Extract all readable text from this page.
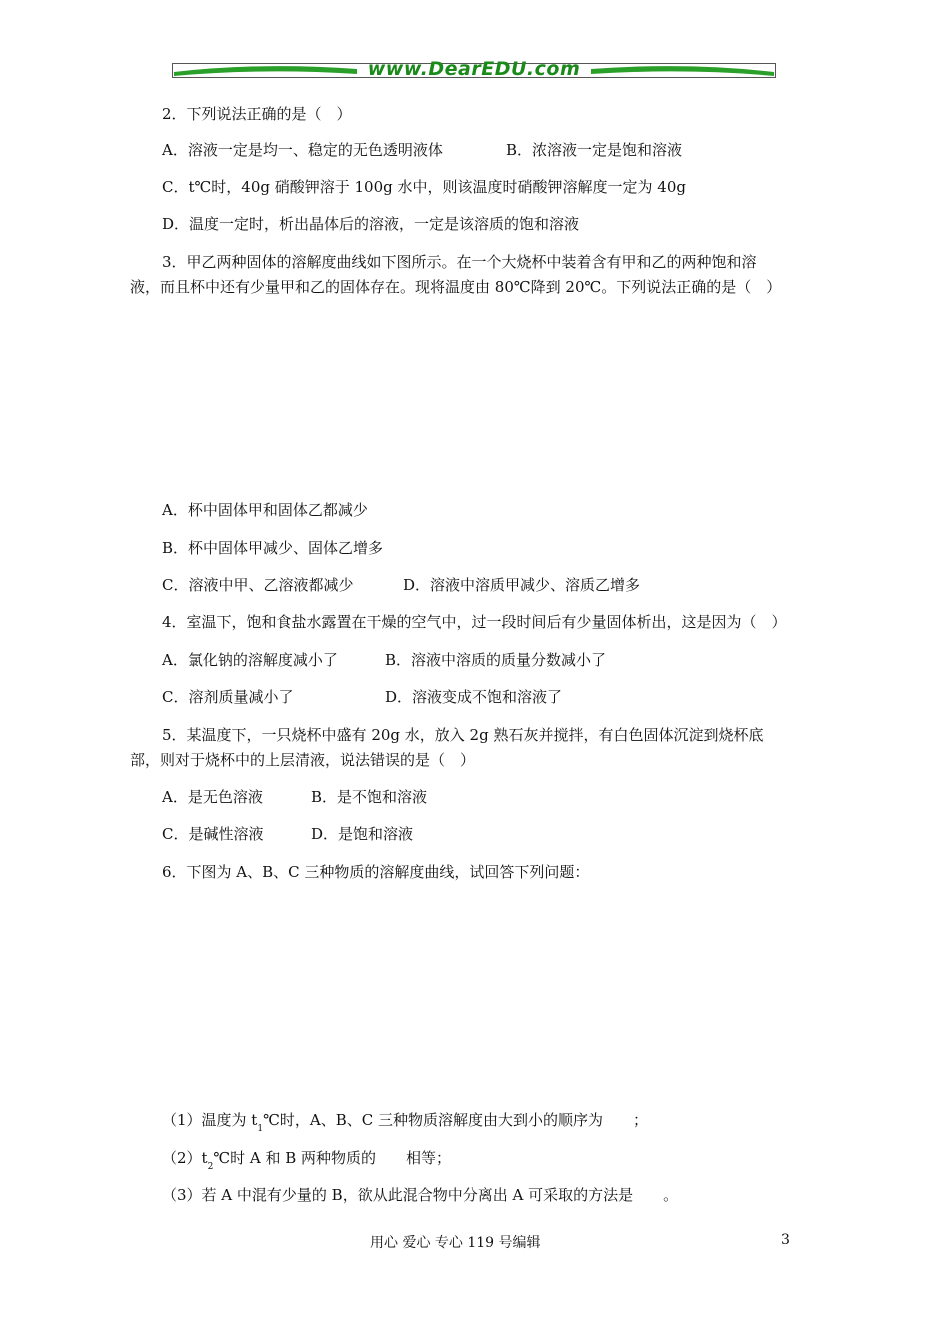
www.DearEDU.com
2．下列说法正确的是（　）
A．溶液一定是均一、稳定的无色透明液体	B．浓溶液一定是饱和溶液
C．t℃时，40g 硝酸钾溶于 100g 水中，则该温度时硝酸钾溶解度一定为 40g
D．温度一定时，析出晶体后的溶液，一定是该溶质的饱和溶液
3．甲乙两种固体的溶解度曲线如下图所示。在一个大烧杯中装着含有甲和乙的两种饱和溶
液，而且杯中还有少量甲和乙的固体存在。现将温度由 80℃降到 20℃。下列说法正确的是（　）
A．杯中固体甲和固体乙都减少
B．杯中固体甲减少、固体乙增多
C．溶液中甲、乙溶液都减少	D．溶液中溶质甲减少、溶质乙增多
4．室温下，饱和食盐水露置在干燥的空气中，过一段时间后有少量固体析出，这是因为（　）
A．氯化钠的溶解度减小了	B．溶液中溶质的质量分数减小了
C．溶剂质量减小了	D．溶液变成不饱和溶液了
5．某温度下，一只烧杯中盛有 20g 水，放入 2g 熟石灰并搅拌，有白色固体沉淀到烧杯底
部，则对于烧杯中的上层清液，说法错误的是（　）
A．是无色溶液	B．是不饱和溶液
C．是碱性溶液	D．是饱和溶液
6．下图为 A、B、C 三种物质的溶解度曲线，试回答下列问题：
（1）温度为 $t_1℃$时，A、B、C 三种物质溶解度由大到小的顺序为　　；
$(2)t_2℃$时 A 和 B 两种物质的　　相等；
（3）若 A 中混有少量的 B，欲从此混合物中分离出 A 可采取的方法是　　。
用心 爱心 专心 119 号编辑	3
